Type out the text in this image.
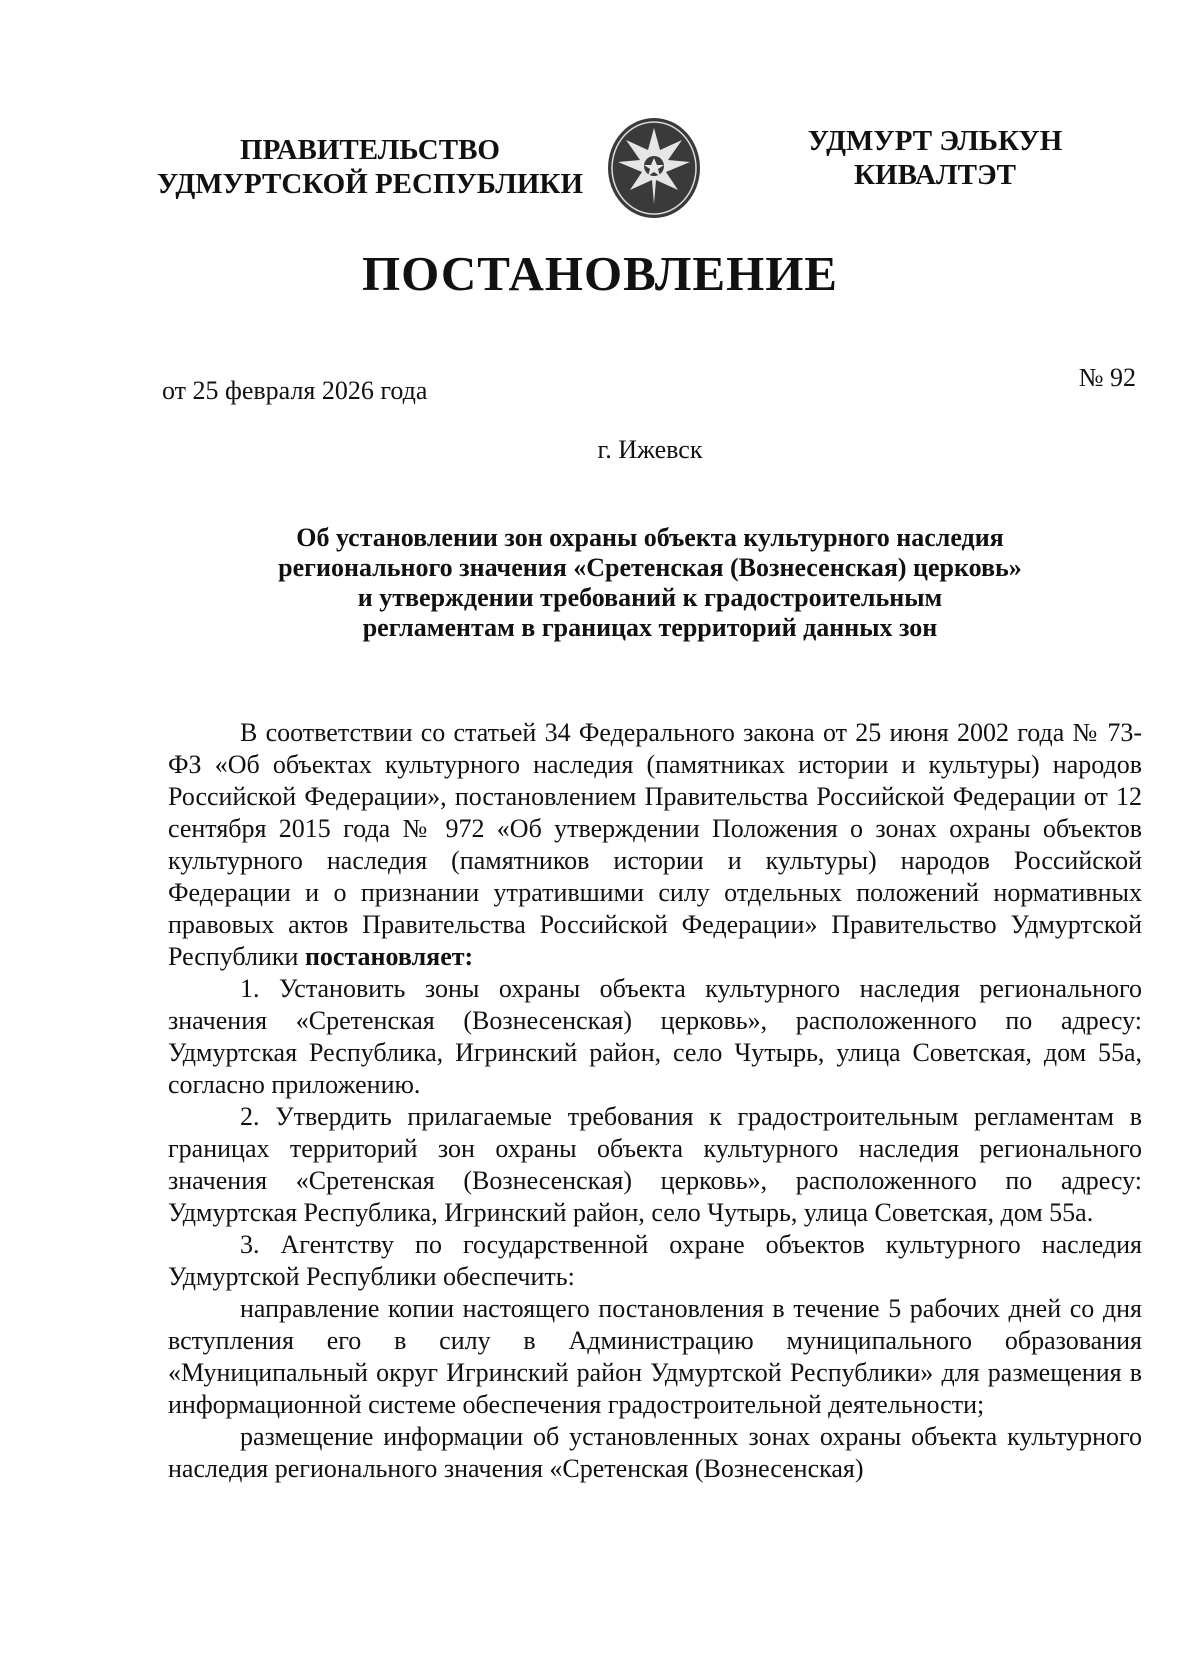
ПРАВИТЕЛЬСТВО
УДМУРТСКОЙ РЕСПУБЛИКИ
УДМУРТ ЭЛЬКУН
КИВАЛТЭТ
ПОСТАНОВЛЕНИЕ
от 25 февраля 2026 года	№ 92
г. Ижевск
Об установлении зон охраны объекта культурного наследия
регионального значения «Сретенская (Вознесенская) церковь»
и утверждении требований к градостроительным
регламентам в границах территорий данных зон

В соответствии со статьей 34 Федерального закона от 25 июня 2002 года № 73-ФЗ «Об объектах культурного наследия (памятниках истории и культуры) народов Российской Федерации», постановлением Правительства Российской Федерации от 12 сентября 2015 года № 972 «Об утверждении Положения о зонах охраны объектов культурного наследия (памятников истории и культуры) народов Российской Федерации и о признании утратившими силу отдельных положений нормативных правовых актов Правительства Российской Федерации» Правительство Удмуртской Республики постановляет:

1. Установить зоны охраны объекта культурного наследия регионального значения «Сретенская (Вознесенская) церковь», расположенного по адресу: Удмуртская Республика, Игринский район, село Чутырь, улица Советская, дом 55а, согласно приложению.

2. Утвердить прилагаемые требования к градостроительным регламентам в границах территорий зон охраны объекта культурного наследия регионального значения «Сретенская (Вознесенская) церковь», расположенного по адресу: Удмуртская Республика, Игринский район, село Чутырь, улица Советская, дом 55а.

3. Агентству по государственной охране объектов культурного наследия Удмуртской Республики обеспечить:

направление копии настоящего постановления в течение 5 рабочих дней со дня вступления его в силу в Администрацию муниципального образования «Муниципальный округ Игринский район Удмуртской Республики» для размещения в информационной системе обеспечения градостроительной деятельности;

размещение информации об установленных зонах охраны объекта культурного наследия регионального значения «Сретенская (Вознесенская)
